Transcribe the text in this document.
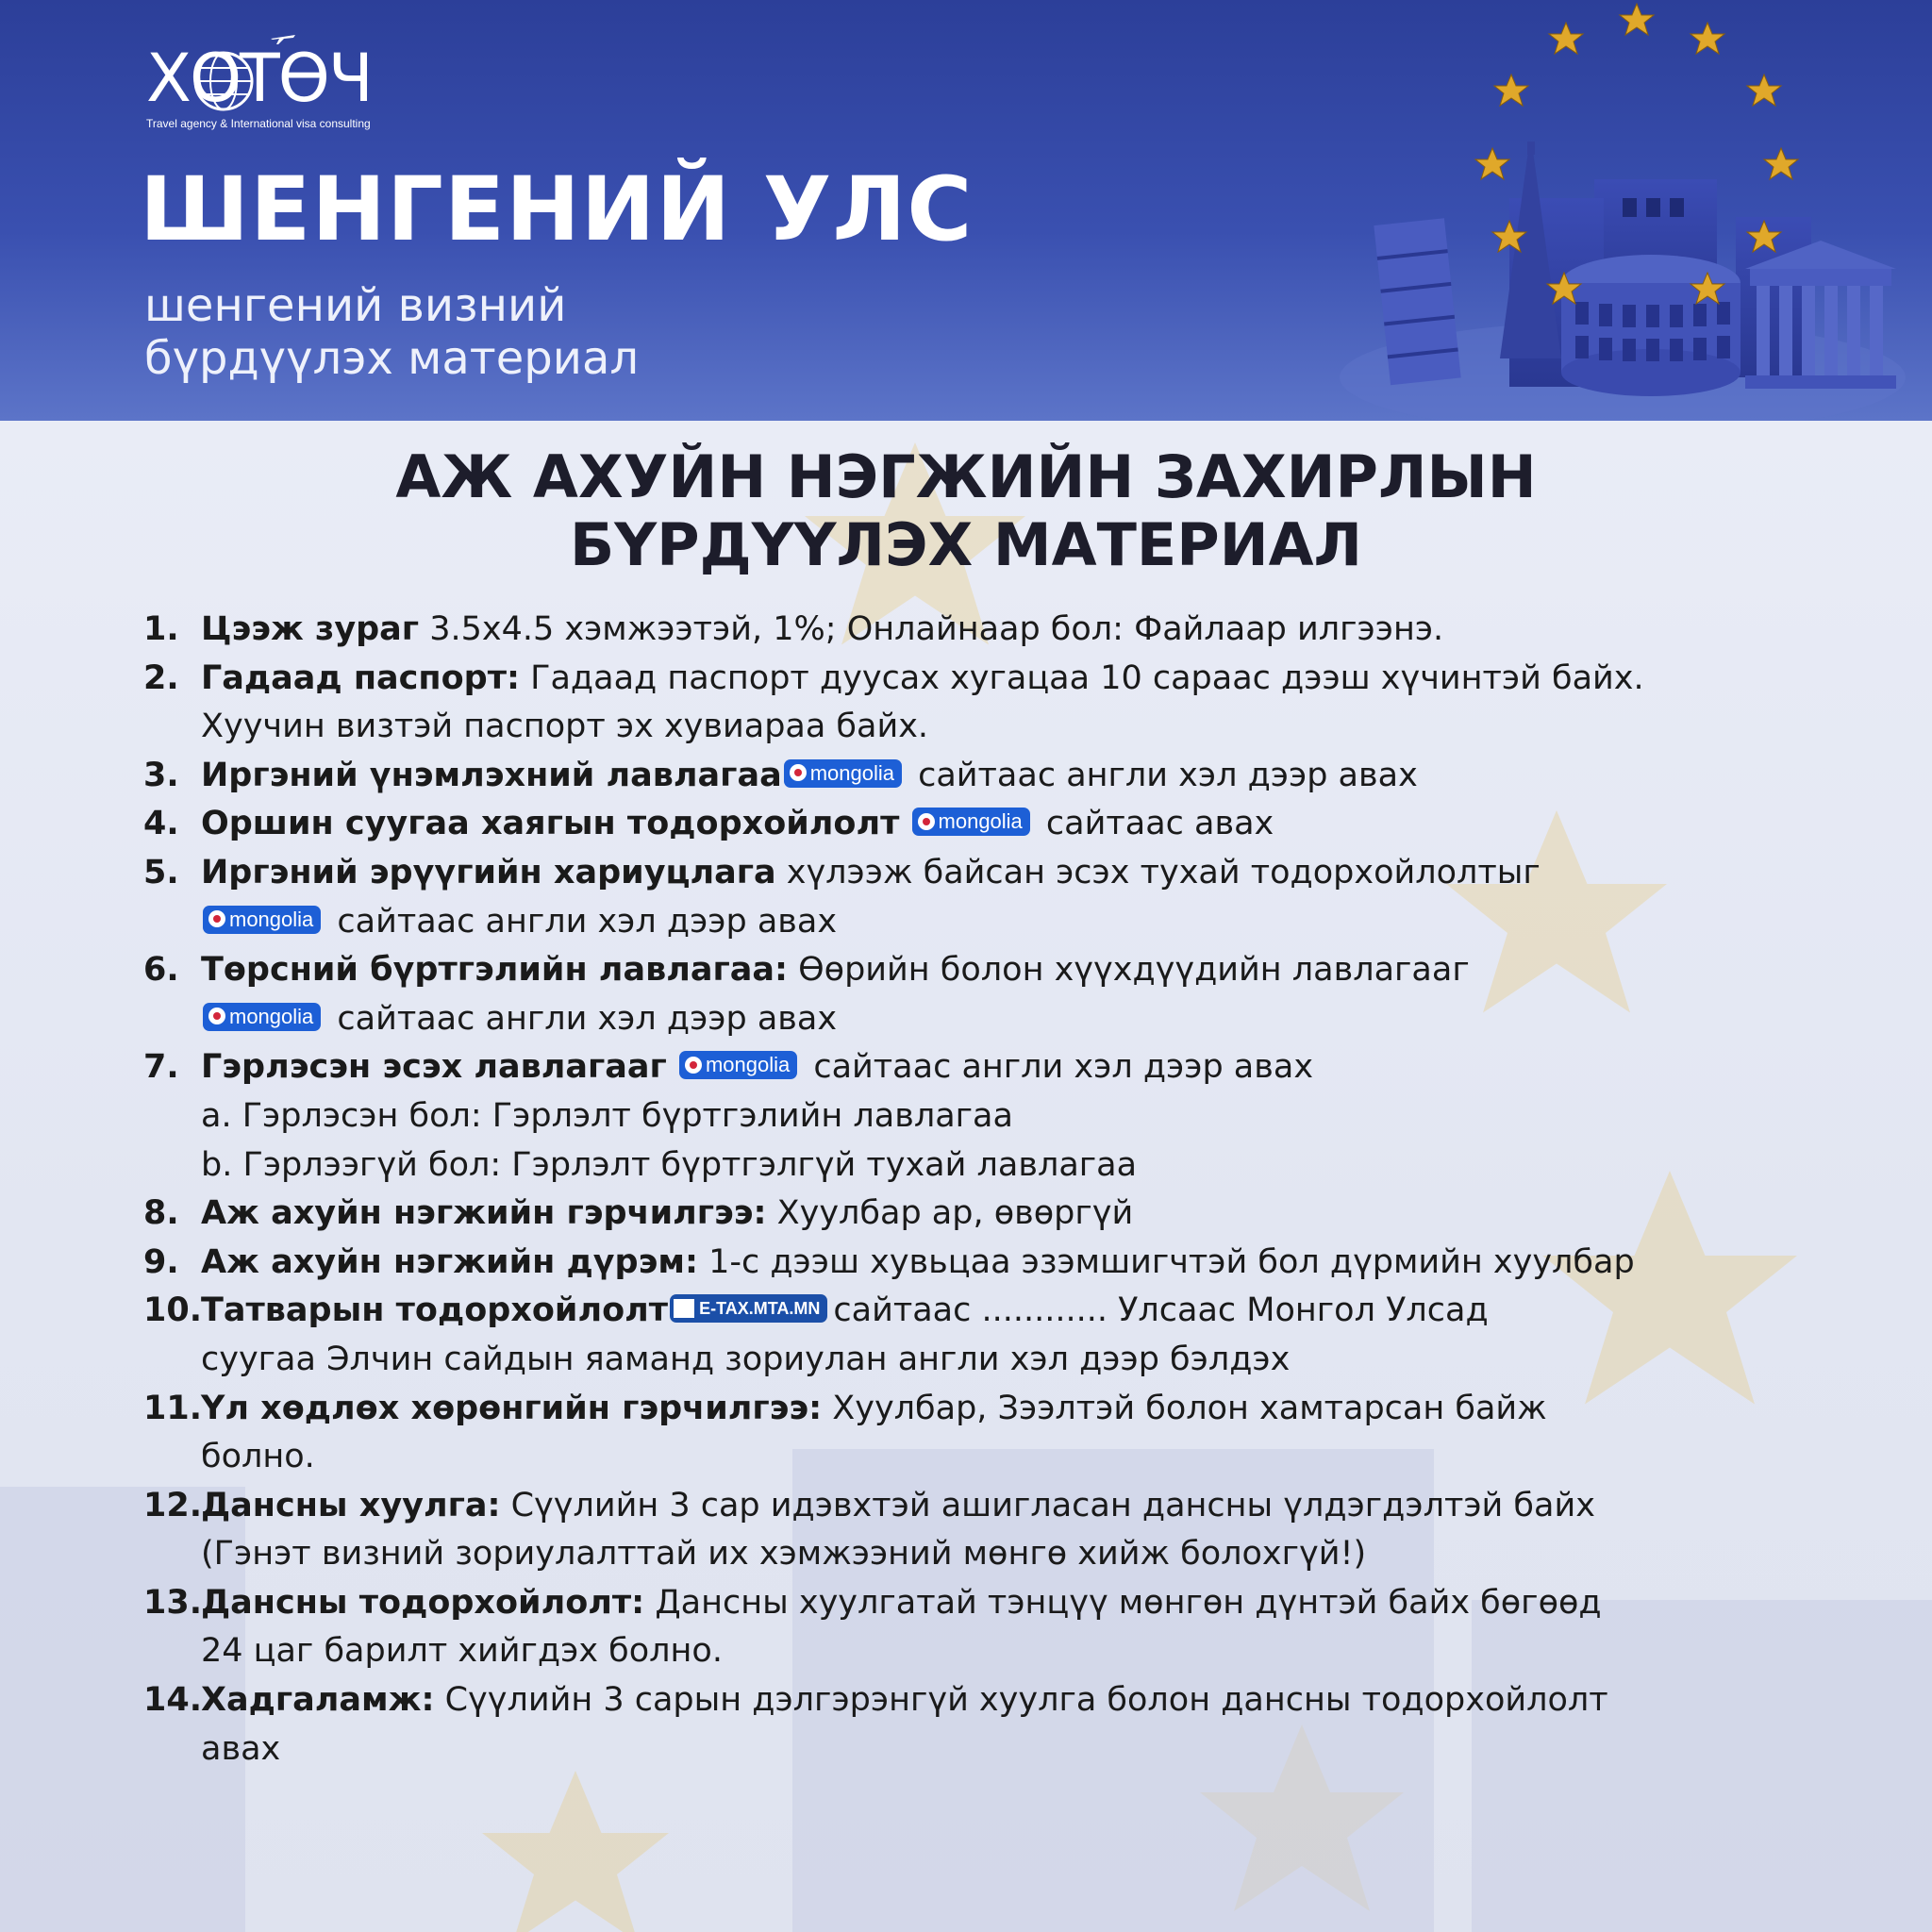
ХОТӨЧ
Travel agency & International visa consulting
ШЕНГЕНИЙ УЛС
шенгений визний
бүрдүүлэх материал
АЖ АХУЙН НЭГЖИЙН ЗАХИРЛЫН
БҮРДҮҮЛЭХ МАТЕРИАЛ
1. Цээж зураг 3.5x4.5 хэмжээтэй, 1%; Онлайнаар бол: Файлаар илгээнэ.
2. Гадаад паспорт: Гадаад паспорт дуусах хугацаа 10 сараас дээш хүчинтэй байх.
Хуучин визтэй паспорт эх хувиараа байх.
3. Иргэний үнэмлэхний лавлагаа mongolia сайтаас англи хэл дээр авах
4. Оршин суугаа хаягын тодорхойлолт mongolia сайтаас авах
5. Иргэний эрүүгийн хариуцлага хүлээж байсан эсэх тухай тодорхойлолтыг
mongolia сайтаас англи хэл дээр авах
6. Төрсний бүртгэлийн лавлагаа: Өөрийн болон хүүхдүүдийн лавлагааг
mongolia сайтаас англи хэл дээр авах
7. Гэрлэсэн эсэх лавлагааг mongolia сайтаас англи хэл дээр авах
a. Гэрлэсэн бол: Гэрлэлт бүртгэлийн лавлагаа
b. Гэрлээгүй бол: Гэрлэлт бүртгэлгүй тухай лавлагаа
8. Аж ахуйн нэгжийн гэрчилгээ: Хуулбар ар, өвөргүй
9. Аж ахуйн нэгжийн дүрэм: 1-с дээш хувьцаа эзэмшигчтэй бол дүрмийн хуулбар
10.
Татварын тодорхойлолт E-TAX.MTA.MN сайтаас ............ Улсаас Монгол Улсад
суугаа Элчин сайдын яаманд зориулан англи хэл дээр бэлдэх
11.
Үл хөдлөх хөрөнгийн гэрчилгээ: Хуулбар, Зээлтэй болон хамтарсан байж
болно.
12.
Дансны хуулга: Сүүлийн 3 сар идэвхтэй ашигласан дансны үлдэгдэлтэй байх
(Гэнэт визний зориулалттай их хэмжээний мөнгө хийж болохгүй!)
13.
Дансны тодорхойлолт: Дансны хуулгатай тэнцүү мөнгөн дүнтэй байх бөгөөд
24 цаг барилт хийгдэх болно.
14.
Хадгаламж: Сүүлийн 3 сарын дэлгэрэнгүй хуулга болон дансны тодорхойлолт
авах
